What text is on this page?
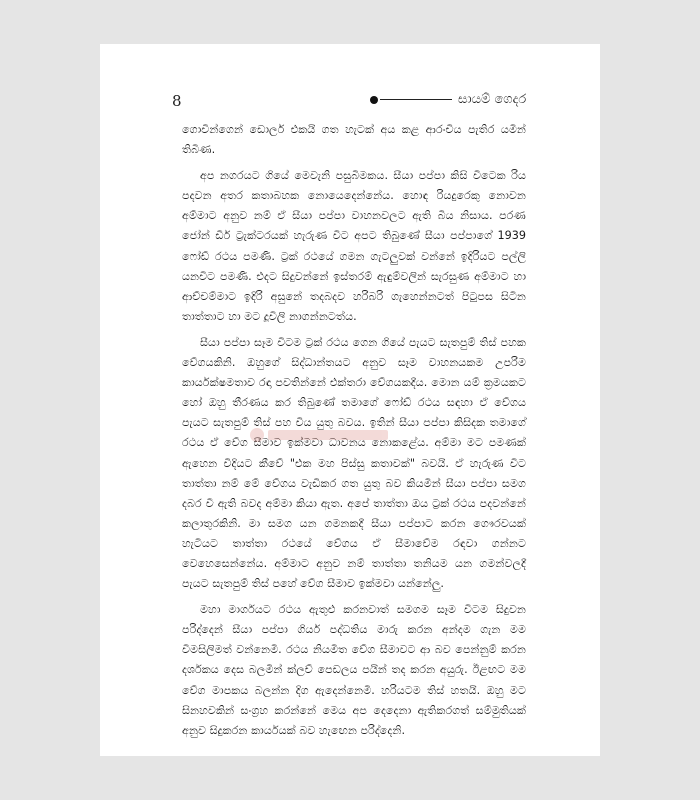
8	සායම් ගෙදර

ගොවීන්ගෙන් ඩොලර් එකයි ගත හැටක් අය කළ ආරංචිය පැතිර යමින් තිබිණ.

අප නගරයට ගියේ මෙවැනි පසුබිමකය. සීයා පප්පා කිසි විටෙක රිය පදවන අතර කතාබහක නොයෙදෙන්නේය. හොඳ රියදුරෙකු නොවන අම්මාට අනුව නම් ඒ සීයා පප්පා වාහනවලට ඇති බිය නිසාය. පරණ ජෝන් ඩීර් ට්‍රැක්ටරයක් හැරුණ විට අපට තිබුණේ සීයා පප්පාගේ 1939 ෆෝඩ් රථය පමණි. ට්‍රක් රථයේ ගමන ගැටලුවක් වන්නේ ඉදිරියට පල්ලි යනවිට පමණි. එදට සිදුවන්නේ ඉස්තරම් ඇඳුම්වලින් සැරසුණ අම්මාට හා ආච්චම්මාට ඉදිරි අසුනේ තදබදව හරිබරි ගැහෙන්නටත් පිටුපස සිටින තාත්තාට හා මට දූවිලි නාගන්නටත්ය.

සීයා පප්පා සෑම විටම ට්‍රක් රථය ගෙන ගියේ පැයට සැතපුම් තිස් පහක වේගයකිනි. ඔහුගේ සිද්ධාන්තයට අනුව සෑම වාහනයකම උපරිම කාර්යක්ෂමතාව රඳා පවතින්නේ එක්තරා වේගයකදීය. මොන යම් ක්‍රමයකට හෝ ඔහු තීරණය කර තිබුණේ තමාගේ ෆෝඩ් රථය සඳහා ඒ වේගය පැයට සැතපුම් තිස් පහ විය යුතු බවය. ඉතින් සීයා පප්පා කිසිදක තමාගේ රථය ඒ වේග සීමාව ඉක්මවා ධාවනය නොකළේය. අම්මා මට පමණක් ඇහෙන විදියට කීවේ "එක මහ පිස්සු කතාවක්" බවයි. ඒ හැරුණ විට තාත්තා නම් මේ වේගය වැඩිකර ගත යුතු බව කියමින් සීයා පප්පා සමග දබර වී ඇති බවද අම්මා කියා ඇත. අපේ තාත්තා ඔය ට්‍රක් රථය පදවන්නේ කලාතුරකිනි. මා සමග යන ගමනකදී සීයා පප්පාට කරන ගෞරවයක් හැටියට තාත්තා රථයේ වේගය ඒ සීමාවේම රඳවා ගන්නට වෙහෙසෙන්නේය. අම්මාට අනුව නම් තාත්තා තනියම යන ගමන්වලදී පැයට සැතපුම් තිස් පහේ වේග සීමාව ඉක්මවා යන්නේලු.

මහා මාර්ගයට රථය ඇතුළු කරනවාත් සමගම සෑම විටම සිදුවන පරිද්දෙන් සීයා පප්පා ගියර් පද්ධතිය මාරු කරන අන්දම ගැන මම විමසිලිමත් වන්නෙමි. රථය නියමිත වේග සීමාවට ආ බව පෙන්නුම් කරන දර්ශකය දෙස බලමින් ක්ලච් පෙඩලය පයින් තද කරන අයුරු. ඊළඟට මම වේග මාපකය බලන්න දිග ඇදෙන්නෙමි. හරියටම තිස් හතයි. ඔහු මට සිනහවකින් සංග්‍රහ කරන්නේ මෙය අප දෙදෙනා ඇතිකරගත් සම්මුතියක් අනුව සිදුකරන කාර්යයක් බව හැඟෙන පරිද්දෙනි.
